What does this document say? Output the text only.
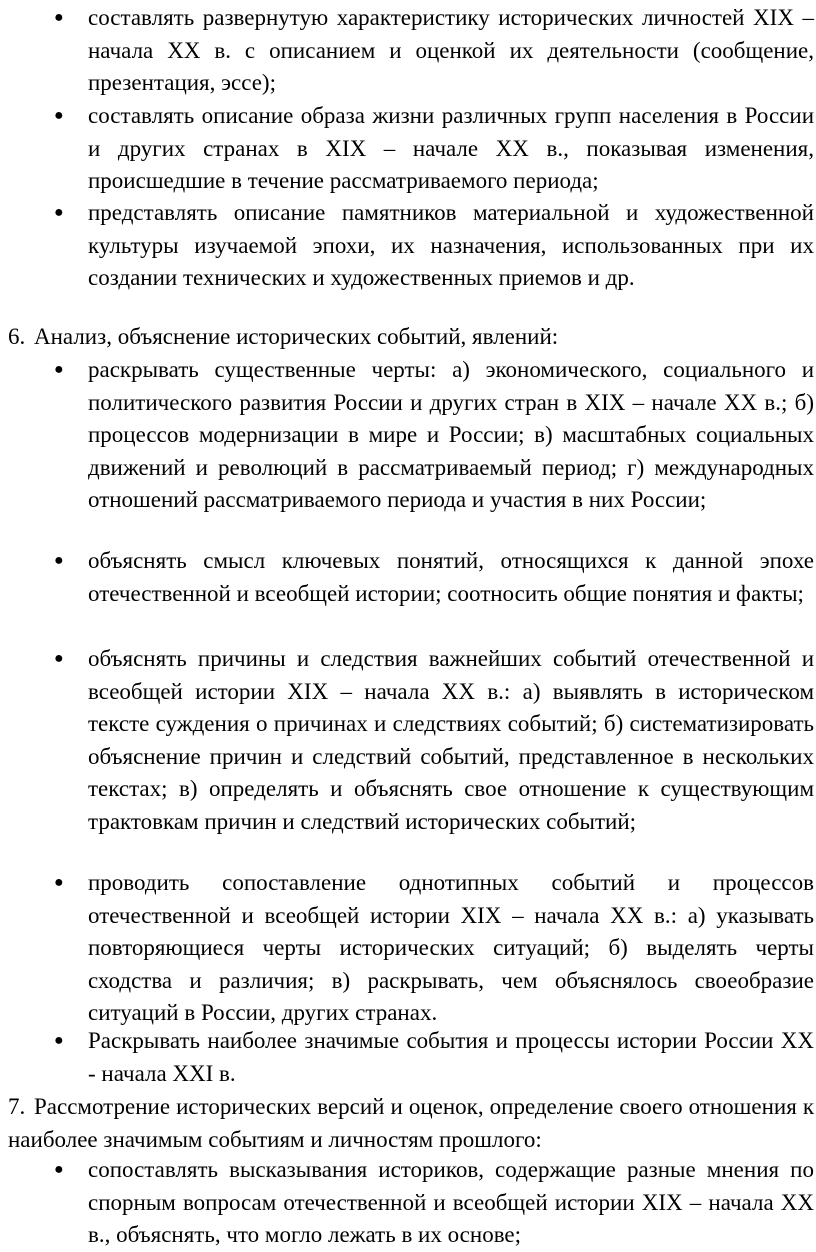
●	составлять развернутую характеристику исторических личностей XIX – начала XX в. с описанием и оценкой их деятельности (сообщение, презентация, эссе);
●	составлять описание образа жизни различных групп населения в России и других странах в XIX – начале XX в., показывая изменения, происшедшие в течение рассматриваемого периода;
●	представлять описание памятников материальной и художественной культуры изучаемой эпохи, их назначения, использованных при их создании технических и художественных приемов и др.
6. Анализ, объяснение исторических событий, явлений:
●	раскрывать существенные черты: а) экономического, социального и политического развития России и других стран в XIX – начале XX в.; б) процессов модернизации в мире и России; в) масштабных социальных движений и революций в рассматриваемый период; г) международных отношений рассматриваемого периода и участия в них России;
●	объяснять смысл ключевых понятий, относящихся к данной эпохе отечественной и всеобщей истории; соотносить общие понятия и факты;
●	объяснять причины и следствия важнейших событий отечественной и всеобщей истории XIX – начала XX в.: а) выявлять в историческом тексте суждения о причинах и следствиях событий; б) систематизировать объяснение причин и следствий событий, представленное в нескольких текстах; в) определять и объяснять свое отношение к существующим трактовкам причин и следствий исторических событий;
●	проводить сопоставление однотипных событий и процессов отечественной и всеобщей истории XIX – начала XX в.: а) указывать повторяющиеся черты исторических ситуаций; б) выделять черты сходства и различия; в) раскрывать, чем объяснялось своеобразие ситуаций в России, других странах.
●	Раскрывать наиболее значимые события и процессы истории России XX - начала XXI в.
7. Рассмотрение исторических версий и оценок, определение своего отношения к наиболее значимым событиям и личностям прошлого:
●	сопоставлять высказывания историков, содержащие разные мнения по спорным вопросам отечественной и всеобщей истории XIX – начала XX в., объяснять, что могло лежать в их основе;
